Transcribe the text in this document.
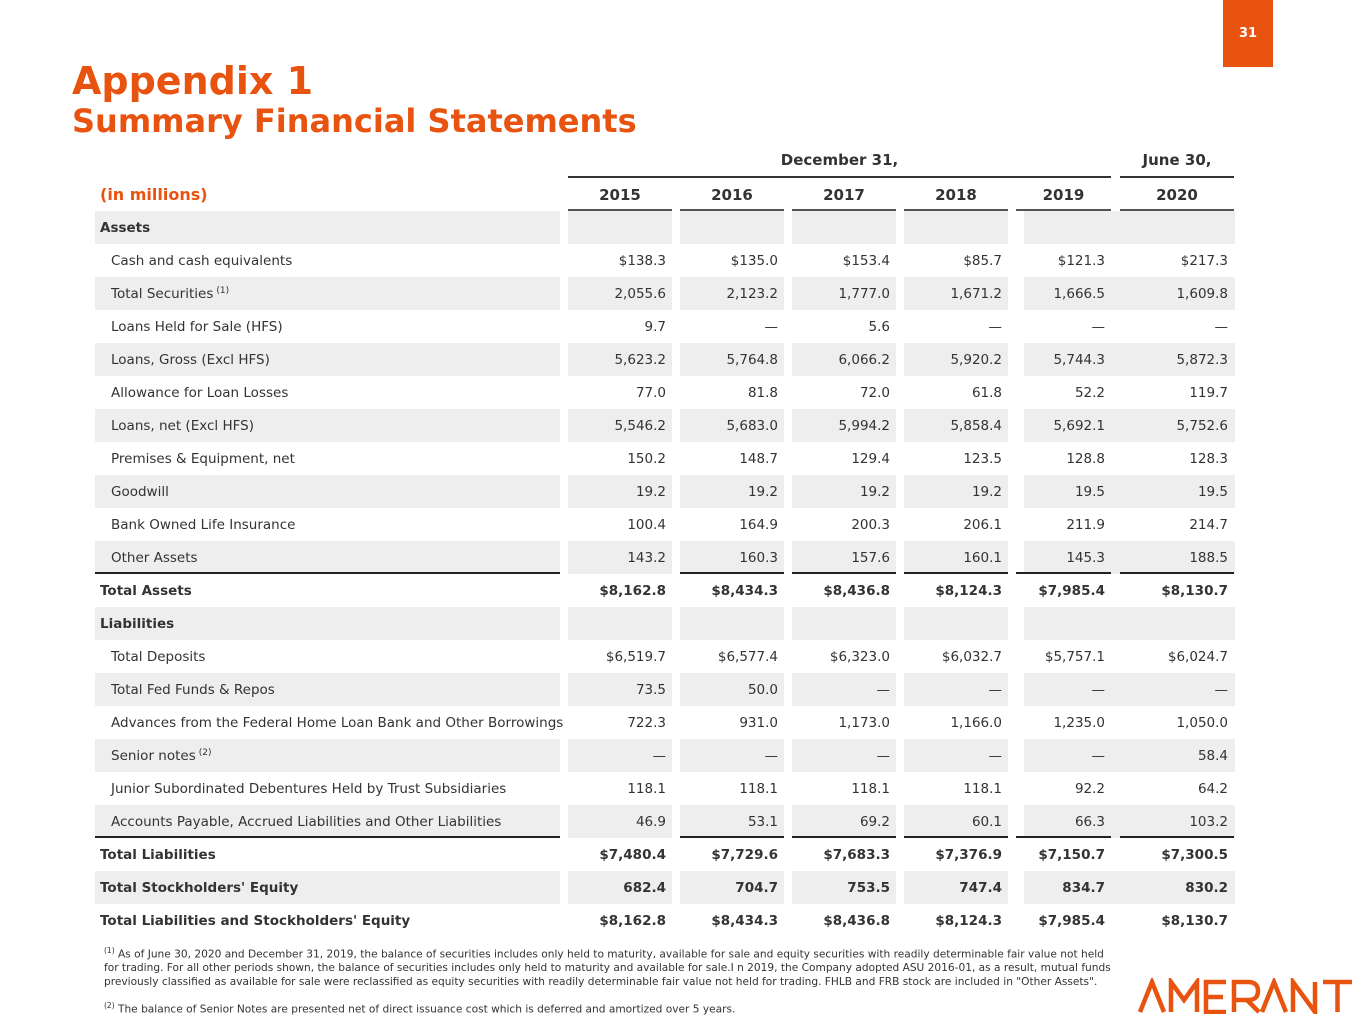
31
Appendix 1
Summary Financial Statements
December 31,	June 30,
(in millions)	2015	2016	2017	2018	2019	2020
Assets
Cash and cash equivalents	$138.3	$135.0	$153.4	$85.7	$121.3	$217.3
Total Securities $^{(1)}$	2,055.6	2,123.2	1,777.0	1,671.2	1,666.5	1,609.8
Loans Held for Sale (HFS)	9.7	—	5.6	—	—	—
Loans, Gross (Excl HFS)	5,623.2	5,764.8	6,066.2	5,920.2	5,744.3	5,872.3
Allowance for Loan Losses	77.0	81.8	72.0	61.8	52.2	119.7
Loans, net (Excl HFS)	5,546.2	5,683.0	5,994.2	5,858.4	5,692.1	5,752.6
Premises & Equipment, net	150.2	148.7	129.4	123.5	128.8	128.3
Goodwill	19.2	19.2	19.2	19.2	19.5	19.5
Bank Owned Life Insurance	100.4	164.9	200.3	206.1	211.9	214.7
Other Assets	143.2	160.3	157.6	160.1	145.3	188.5
Total Assets	$8,162.8	$8,434.3	$8,436.8	$8,124.3	$7,985.4	$8,130.7
Liabilities
Total Deposits	$6,519.7	$6,577.4	$6,323.0	$6,032.7	$5,757.1	$6,024.7
Total Fed Funds & Repos	73.5	50.0	—	—	—	—
Advances from the Federal Home Loan Bank and Other Borrowings	722.3	931.0	1,173.0	1,166.0	1,235.0	1,050.0
Senior notes $^{(2)}$	—	—	—	—	—	58.4
Junior Subordinated Debentures Held by Trust Subsidiaries	118.1	118.1	118.1	118.1	92.2	64.2
Accounts Payable, Accrued Liabilities and Other Liabilities	46.9	53.1	69.2	60.1	66.3	103.2
Total Liabilities	$7,480.4	$7,729.6	$7,683.3	$7,376.9	$7,150.7	$7,300.5
Total Stockholders' Equity	682.4	704.7	753.5	747.4	834.7	830.2
Total Liabilities and Stockholders' Equity	$8,162.8	$8,434.3	$8,436.8	$8,124.3	$7,985.4	$8,130.7
$^{(1)}$ As of June 30, 2020 and December 31, 2019, the balance of securities includes only held to maturity, available for sale and equity securities with readily determinable fair value not held for trading. For all other periods shown, the balance of securities includes only held to maturity and available for sale.I n 2019, the Company adopted ASU 2016-01, as a result, mutual funds previously classified as available for sale were reclassified as equity securities with readily determinable fair value not held for trading. FHLB and FRB stock are included in "Other Assets".
$^{(2)}$ The balance of Senior Notes are presented net of direct issuance cost which is deferred and amortized over 5 years.
